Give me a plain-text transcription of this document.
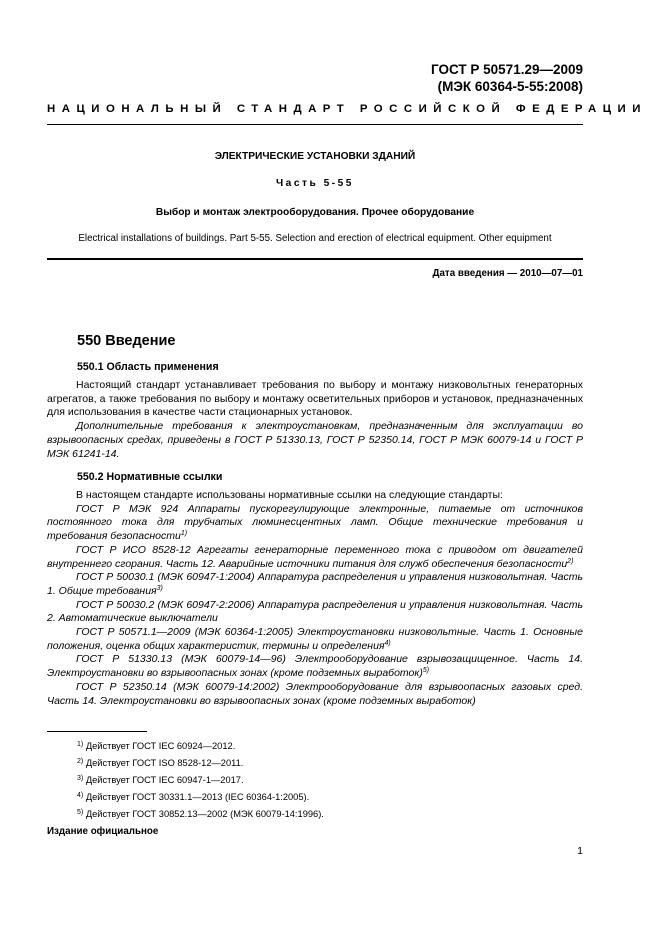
ГОСТ Р 50571.29—2009
(МЭК 60364-5-55:2008)
НАЦИОНАЛЬНЫЙ СТАНДАРТ РОССИЙСКОЙ ФЕДЕРАЦИИ
ЭЛЕКТРИЧЕСКИЕ УСТАНОВКИ ЗДАНИЙ
Часть 5-55
Выбор и монтаж электрооборудования. Прочее оборудование
Electrical installations of buildings. Part 5-55. Selection and erection of electrical equipment. Other equipment
Дата введения — 2010—07—01
550 Введение
550.1 Область применения

Настоящий стандарт устанавливает требования по выбору и монтажу низковольтных генераторных агрегатов, а также требования по выбору и монтажу осветительных приборов и установок, предназначенных для использования в качестве части стационарных установок.

Дополнительные требования к электроустановкам, предназначенным для эксплуатации во взрывоопасных средах, приведены в ГОСТ Р 51330.13, ГОСТ Р 52350.14, ГОСТ Р МЭК 60079-14 и ГОСТ Р МЭК 61241-14.

550.2 Нормативные ссылки

В настоящем стандарте использованы нормативные ссылки на следующие стандарты:

ГОСТ Р МЭК 924 Аппараты пускорегулирующие электронные, питаемые от источников постоянного тока для трубчатых люминесцентных ламп. Общие технические требования и требования безопасности$^{1)}$

ГОСТ Р ИСО 8528-12 Агрегаты генераторные переменного тока с приводом от двигателей внутреннего сгорания. Часть 12. Аварийные источники питания для служб обеспечения безопасности$^{2)}$

ГОСТ Р 50030.1 (МЭК 60947-1:2004) Аппаратура распределения и управления низковольтная. Часть 1. Общие требования$^{3)}$

ГОСТ Р 50030.2 (МЭК 60947-2:2006) Аппаратура распределения и управления низковольтная. Часть 2. Автоматические выключатели

ГОСТ Р 50571.1—2009 (МЭК 60364-1:2005) Электроустановки низковольтные. Часть 1. Основные положения, оценка общих характеристик, термины и определения$^{4)}$

ГОСТ Р 51330.13 (МЭК 60079-14—96) Электрооборудование взрывозащищенное. Часть 14. Электроустановки во взрывоопасных зонах (кроме подземных выработок)$^{5)}$

ГОСТ Р 52350.14 (МЭК 60079-14:2002) Электрооборудование для взрывоопасных газовых сред. Часть 14. Электроустановки во взрывоопасных зонах (кроме подземных выработок)

$^{1)}$ Действует ГОСТ IEC 60924—2012.
$^{2)}$ Действует ГОСТ ISO 8528-12—2011.
$^{3)}$ Действует ГОСТ IEC 60947-1—2017.
$^{4)}$ Действует ГОСТ 30331.1—2013 (IEC 60364-1:2005).
$^{5)}$ Действует ГОСТ 30852.13—2002 (МЭК 60079-14:1996).
Издание официальное
1
